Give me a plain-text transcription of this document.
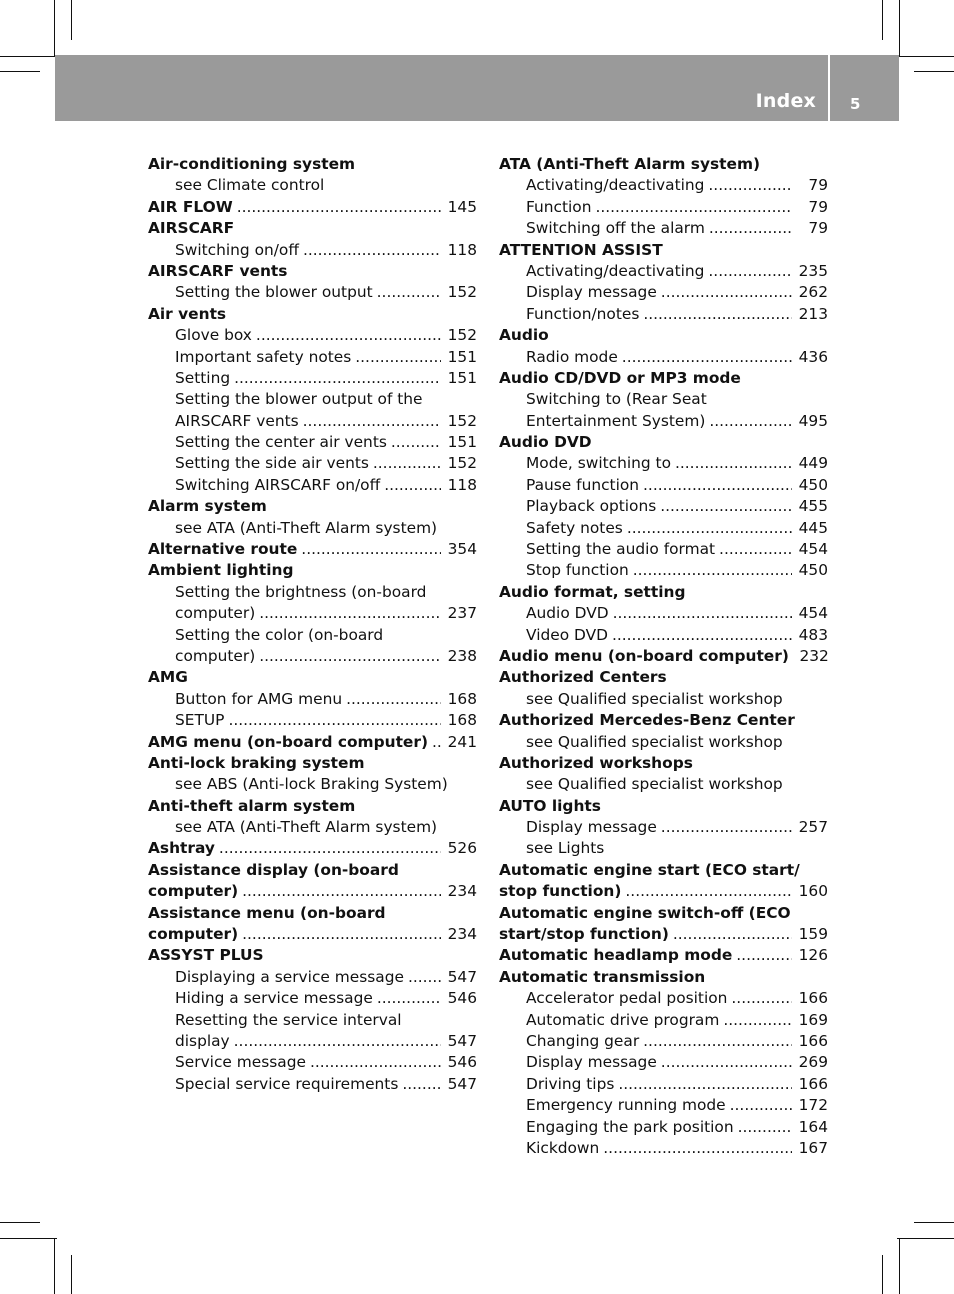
Index 5
Air-conditioning system
see Climate control
AIR FLOW .....	145
AIRSCARF
Switching on/off .....	118
AIRSCARF vents
Setting the blower output .....	152
Air vents
Glove box .....	152
Important safety notes .....	151
Setting .....	151
Setting the blower output of the
AIRSCARF vents .....	152
Setting the center air vents .....	151
Setting the side air vents .....	152
Switching AIRSCARF on/off .....	118
Alarm system
see ATA (Anti-Theft Alarm system)
Alternative route .....	354
Ambient lighting
Setting the brightness (on-board
computer) .....	237
Setting the color (on-board
computer) .....	238
AMG
Button for AMG menu .....	168
SETUP .....	168
AMG menu (on-board computer) ..... 241
Anti-lock braking system
see ABS (Anti-lock Braking System)
Anti-theft alarm system
see ATA (Anti-Theft Alarm system)
Ashtray .....	526
Assistance display (on-board
computer) .....	234
Assistance menu (on-board
computer) .....	234
ASSYST PLUS
Displaying a service message .....	547
Hiding a service message .....	546
Resetting the service interval
display .....	547
Service message .....	546
Special service requirements .....	547
ATA (Anti-Theft Alarm system)
Activating/deactivating .....	79
Function .....	79
Switching off the alarm .....	79
ATTENTION ASSIST
Activating/deactivating .....	235
Display message .....	262
Function/notes .....	213
Audio
Radio mode .....	436
Audio CD/DVD or MP3 mode
Switching to (Rear Seat
Entertainment System) .....	495
Audio DVD
Mode, switching to .....	449
Pause function .....	450
Playback options .....	455
Safety notes .....	445
Setting the audio format .....	454
Stop function .....	450
Audio format, setting
Audio DVD .....	454
Video DVD .....	483
Audio menu (on-board computer) 232
Authorized Centers
see Qualified specialist workshop
Authorized Mercedes-Benz Center
see Qualified specialist workshop
Authorized workshops
see Qualified specialist workshop
AUTO lights
Display message .....	257
see Lights
Automatic engine start (ECO start/
stop function) .....	160
Automatic engine switch-off (ECO
start/stop function) .....	159
Automatic headlamp mode .....	126
Automatic transmission
Accelerator pedal position .....	166
Automatic drive program .....	169
Changing gear .....	166
Display message .....	269
Driving tips .....	166
Emergency running mode .....	172
Engaging the park position .....	164
Kickdown .....	167
